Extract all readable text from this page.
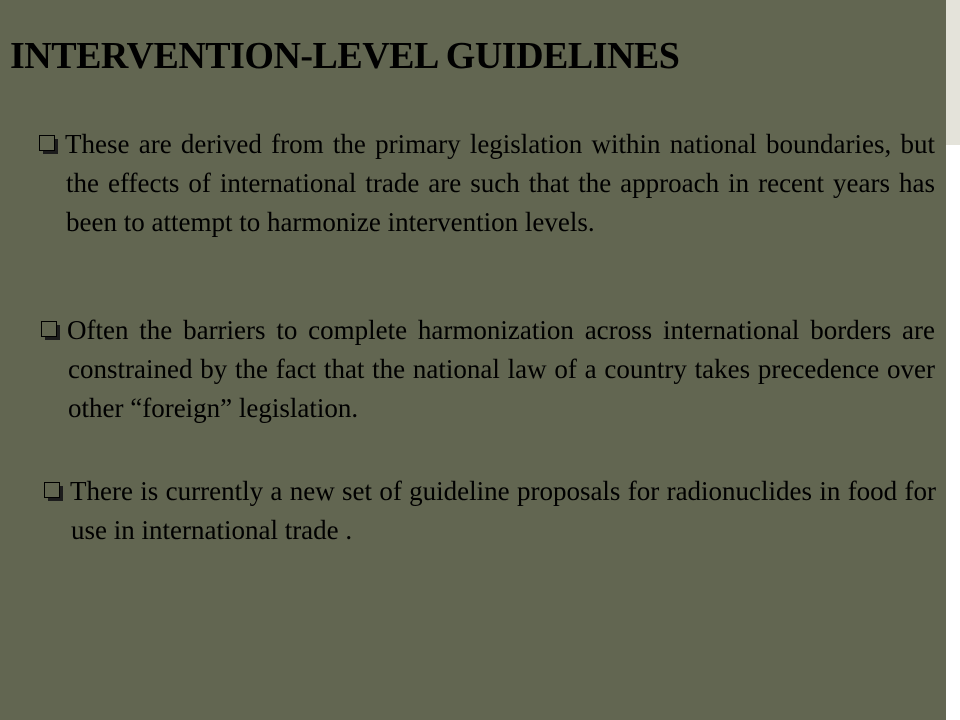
INTERVENTION-LEVEL GUIDELINES
These are derived from the primary legislation within national boundaries, but the effects of international trade are such that the approach in recent years has been to attempt to harmonize intervention levels.
Often the barriers to complete harmonization across international borders are constrained by the fact that the national law of a country takes precedence over other “foreign” legislation.
There is currently a new set of guideline proposals for radionuclides in food for use in international trade .
